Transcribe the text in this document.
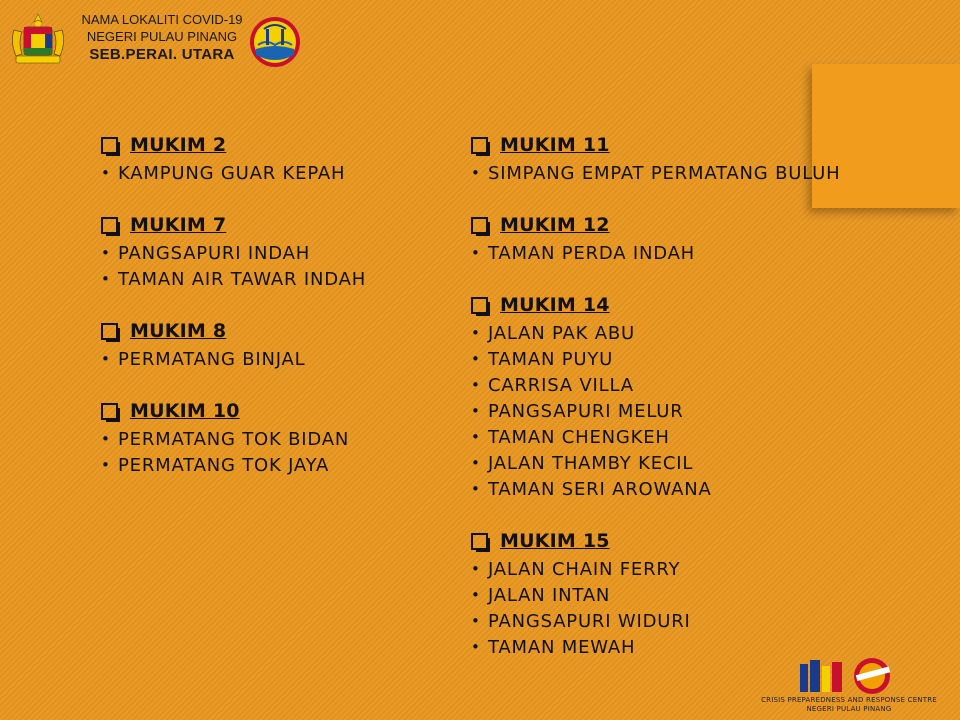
NAMA LOKALITI COVID-19
NEGERI PULAU PINANG
SEB.PERAI. UTARA
MUKIM 2
• KAMPUNG GUAR KEPAH
MUKIM 7
• PANGSAPURI INDAH
• TAMAN AIR TAWAR INDAH
MUKIM 8
• PERMATANG BINJAL
MUKIM 10
• PERMATANG TOK BIDAN
• PERMATANG TOK JAYA
MUKIM 11
• SIMPANG EMPAT PERMATANG BULUH
MUKIM 12
• TAMAN PERDA INDAH
MUKIM 14
• JALAN PAK ABU
• TAMAN PUYU
• CARRISA VILLA
• PANGSAPURI MELUR
• TAMAN CHENGKEH
• JALAN THAMBY KECIL
• TAMAN SERI AROWANA
MUKIM 15
• JALAN CHAIN FERRY
• JALAN INTAN
• PANGSAPURI WIDURI
• TAMAN MEWAH
CRISIS PREPAREDNESS AND RESPONSE CENTRE
NEGERI PULAU PINANG
